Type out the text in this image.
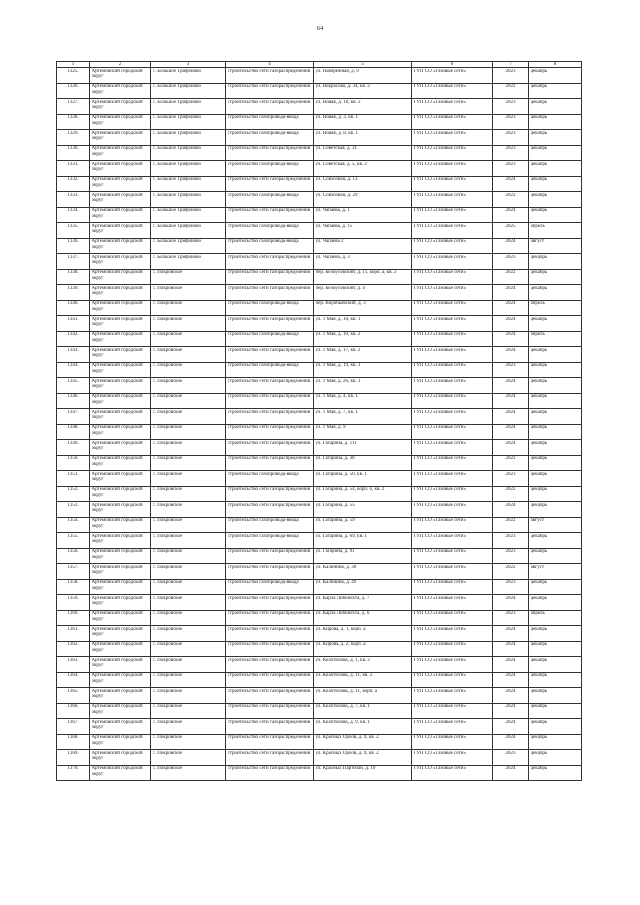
64
1	2	3	4	5	6	7	8

1325.	Артемовский городской округ	с. Большое Трифоново	строительство сети газораспределения	ул. Набережная, д. 9	ГУП СО «Газовые сети»	2023	декабрь

1326.	Артемовский городской округ	с. Большое Трифоново	строительство сети газораспределения	ул. Некрасова, д. 34, кв. 2	ГУП СО «Газовые сети»	2022	декабрь

1327.	Артемовский городской округ	с. Большое Трифоново	строительство сети газораспределения	ул. Новая, д. 10, кв. 2	ГУП СО «Газовые сети»	2023	декабрь

1328.	Артемовский городской округ	с. Большое Трифоново	строительство газопровода-ввода	ул. Новая, д. 3, кв. 1	ГУП СО «Газовые сети»	2023	декабрь

1329.	Артемовский городской округ	с. Большое Трифоново	строительство газопровода-ввода	ул. Новая, д. 8, кв. 1	ГУП СО «Газовые сети»	2023	декабрь

1330.	Артемовский городской округ	с. Большое Трифоново	строительство сети газораспределения	ул. Советская, д. 31	ГУП СО «Газовые сети»	2023	декабрь

1331.	Артемовский городской округ	с. Большое Трифоново	строительство газопровода-ввода	ул. Советская, д. 5, кв. 2	ГУП СО «Газовые сети»	2023	декабрь

1332.	Артемовский городской округ	с. Большое Трифоново	строительство сети газораспределения	ул. Совхозная, д. 13	ГУП СО «Газовые сети»	2024	декабрь

1333.	Артемовский городской округ	с. Большое Трифоново	строительство газопровода-ввода	ул. Совхозная, д. 29	ГУП СО «Газовые сети»	2022	декабрь

1334.	Артемовский городской округ	с. Большое Трифоново	строительство сети газораспределения	ул. Чапаева, д. 1	ГУП СО «Газовые сети»	2024	декабрь

1335.	Артемовский городской округ	с. Большое Трифоново	строительство газопровода-ввода	ул. Чапаева, д. 15	ГУП СО «Газовые сети»	2025	апрель

1336.	Артемовский городской округ	с. Большое Трифоново	строительство газопровода-ввода	ул. Чапаева 2	ГУП СО «Газовые сети»	2024	август

1337.	Артемовский городской округ	с. Большое Трифоново	строительство сети газораспределения	ул. Чапаева, д. 3	ГУП СО «Газовые сети»	2023	декабрь

1338.	Артемовский городской округ	с. Покровское	строительство сети газораспределения	пер. Белоусовский, д. 11, корп. а, кв. 2	ГУП СО «Газовые сети»	2022	декабрь

1339.	Артемовский городской округ	с. Покровское	строительство сети газораспределения	пер. Белоусовский, д. 4	ГУП СО «Газовые сети»	2024	декабрь

1340.	Артемовский городской округ	с. Покровское	строительство газопровода-ввода	пер. Воробьевский, д. 3	ГУП СО «Газовые сети»	2024	апрель

1341.	Артемовский городской округ	с. Покровское	строительство сети газораспределения	ул. 1 Мая, д. 10, кв. 1	ГУП СО «Газовые сети»	2024	декабрь

1342.	Артемовский городской округ	с. Покровское	строительство газопровода-ввода	ул. 1 Мая, д. 10, кв. 2	ГУП СО «Газовые сети»	2024	апрель

1343.	Артемовский городской округ	с. Покровское	строительство сети газораспределения	ул. 1 Мая, д. 17, кв. 2	ГУП СО «Газовые сети»	2024	декабрь

1344.	Артемовский городской округ	с. Покровское	строительство газопровода-ввода	ул. 1 Мая, д. 19, кв. 1	ГУП СО «Газовые сети»	2023	декабрь

1345.	Артемовский городской округ	с. Покровское	строительство сети газораспределения	ул. 1 Мая, д. 26, кв. 1	ГУП СО «Газовые сети»	2024	декабрь

1346.	Артемовский городской округ	с. Покровское	строительство сети газораспределения	ул. 1 Мая, д. 4, кв. 1	ГУП СО «Газовые сети»	2024	декабрь

1347.	Артемовский городской округ	с. Покровское	строительство сети газораспределения	ул. 1 Мая, д. 7, кв. 1	ГУП СО «Газовые сети»	2024	декабрь

1348.	Артемовский городской округ	с. Покровское	строительство сети газораспределения	ул. 1 Мая, д. 9	ГУП СО «Газовые сети»	2024	декабрь

1349.	Артемовский городской округ	с. Покровское	строительство сети газораспределения	ул. Гагарина, д. 111	ГУП СО «Газовые сети»	2024	декабрь

1350.	Артемовский городской округ	с. Покровское	строительство сети газораспределения	ул. Гагарина, д. 38	ГУП СО «Газовые сети»	2022	декабрь

1351.	Артемовский городской округ	с. Покровское	строительство газопровода-ввода	ул. Гагарина, д. 50, кв. 1	ГУП СО «Газовые сети»	2023	декабрь

1352.	Артемовский городской округ	с. Покровское	строительство сети газораспределения	ул. Гагарина, д. 54, корп. б, кв. 2	ГУП СО «Газовые сети»	2022	декабрь

1353.	Артемовский городской округ	с. Покровское	строительство сети газораспределения	ул. Гагарина, д. 55	ГУП СО «Газовые сети»	2024	декабрь

1354.	Артемовский городской округ	с. Покровское	строительство газопровода-ввода	ул. Гагарина, д. 59	ГУП СО «Газовые сети»	2022	август

1355.	Артемовский городской округ	с. Покровское	строительство газопровода-ввода	ул. Гагарина, д. 69, кв. 1	ГУП СО «Газовые сети»	2023	декабрь

1356.	Артемовский городской округ	с. Покровское	строительство сети газораспределения	ул. Гагарина, д. 91	ГУП СО «Газовые сети»	2023	декабрь

1357.	Артемовский городской округ	с. Покровское	строительство сети газораспределения	ул. Калинина, д. 30	ГУП СО «Газовые сети»	2022	август

1358.	Артемовский городской округ	с. Покровское	строительство газопровода-ввода	ул. Калинина, д. 49	ГУП СО «Газовые сети»	2023	декабрь

1359.	Артемовский городской округ	с. Покровское	строительство сети газораспределения	ул. Карла Либкнехта, д. 7	ГУП СО «Газовые сети»	2024	декабрь

1360.	Артемовский городской округ	с. Покровское	строительство сети газораспределения	ул. Карла Либкнехта, д. 6	ГУП СО «Газовые сети»	2023	апрель

1361.	Артемовский городской округ	с. Покровское	строительство сети газораспределения	ул. Кирова, д. 1, корп. а	ГУП СО «Газовые сети»	2024	декабрь

1362.	Артемовский городской округ	с. Покровское	строительство сети газораспределения	ул. Кирова, д. 2, корп. а	ГУП СО «Газовые сети»	2024	декабрь

1363.	Артемовский городской округ	с. Покровское	строительство сети газораспределения	ул. Колотилова, д. 1, кв. 2	ГУП СО «Газовые сети»	2024	декабрь

1364.	Артемовский городской округ	с. Покровское	строительство сети газораспределения	ул. Колотилова, д. 11, кв. 2	ГУП СО «Газовые сети»	2024	декабрь

1365.	Артемовский городской округ	с. Покровское	строительство сети газораспределения	ул. Колотилова, д. 11, корп. а	ГУП СО «Газовые сети»	2024	декабрь

1366.	Артемовский городской округ	с. Покровское	строительство сети газораспределения	ул. Колотилова, д. 7, кв. 1	ГУП СО «Газовые сети»	2024	декабрь

1367.	Артемовский городской округ	с. Покровское	строительство сети газораспределения	ул. Колотилова, д. 9, кв. 1	ГУП СО «Газовые сети»	2024	декабрь

1368.	Артемовский городской округ	с. Покровское	строительство сети газораспределения	ул. Красных Орлов, д. 9, кв. 2	ГУП СО «Газовые сети»	2024	декабрь

1369.	Артемовский городской округ	с. Покровское	строительство сети газораспределения	ул. Красных Орлов, д. 9, кв. 2	ГУП СО «Газовые сети»	2023	декабрь

1370.	Артемовский городской округ	с. Покровское	строительство сети газораспределения	ул. Красных Партизан, д. 10	ГУП СО «Газовые сети»	2024	декабрь
